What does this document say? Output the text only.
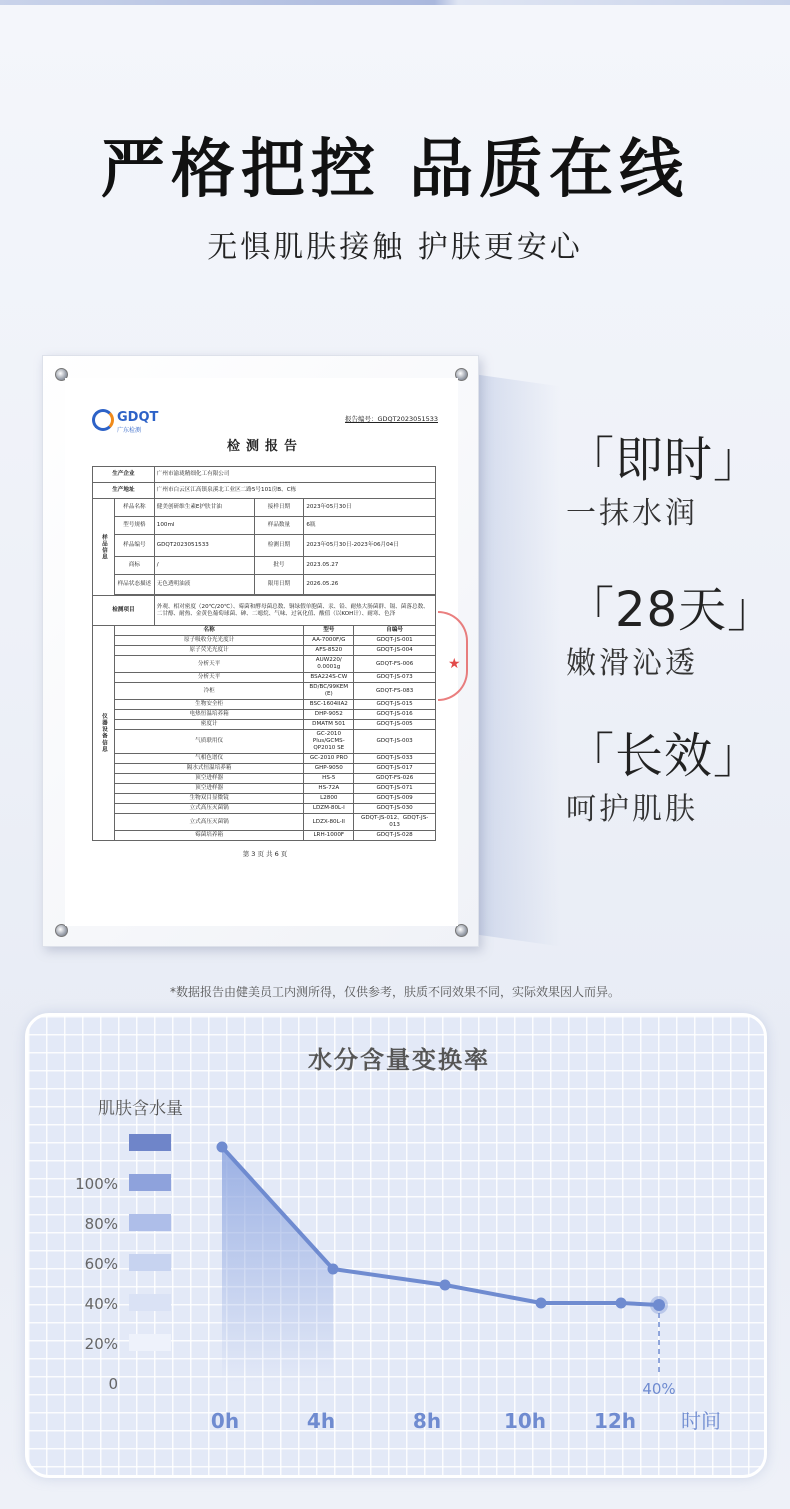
严格把控 品质在线
无惧肌肤接触 护肤更安心
GDQT
广东检测
报告编号：GDQT2023051533
检测报告
生产企业		广州市渝珑精细化工有限公司			
生产地址		广州市白云区江高镇泉溪北工业区二路5号101房B、C栋			
样品信息	样品名称	健美创研维生素E护肤甘油	接样日期	2023年05月30日	
	型号规格	100ml	样品数量	6瓶	
	样品编号	GDQT2023051533	检测日期	2023年05月30日-2023年06月04日	
	商标	/	批号	2023.05.27	
	样品状态描述	无色透明油液	限用日期	2026.05.26	

检测项目		外观、相对密度（20℃/20℃）、霉菌和酵母菌总数、铜绿假单胞菌、汞、铅、耐热大肠菌群、镉、菌落总数、二甘醇、耐热、金黄色葡萄球菌、砷、二噁烷、气味、过氧化值、酸值（以KOH计）、耐寒、色泽			
仪器设备信息	名称			型号	自编号
	原子吸收分光光度计			AA-7000F/G	GDQT-JS-001
	原子荧光光度计			AFS-8520	GDQT-JS-004
	分析天平			AUW220/ 0.0001g	GDQT-FS-006
	分析天平			BSA224S-CW	GDQT-JS-073
	冷柜			BD/BC/99KEM (E)	GDQT-FS-083
	生物安全柜			BSC-1604IIA2	GDQT-JS-015
	电热恒温培养箱			DHP-9052	GDQT-JS-016
	密度计			DMATM 501	GDQT-JS-005
	气质联用仪			GC-2010 Plus/GCMS-QP2010 SE	GDQT-JS-003
	气相色谱仪			GC-2010 PRO	GDQT-JS-033
	隔水式恒温培养箱			GHP-9050	GDQT-JS-017
	顶空进样器			HS-5	GDQT-FS-026
	顶空进样器			HS-72A	GDQT-JS-071
	生物双目显微镜			L2800	GDQT-JS-009
	立式高压灭菌锅			LDZM-80L-I	GDQT-JS-030
	立式高压灭菌锅			LDZX-80L-II	GDQT-JS-012、GDQT-JS-013
	霉菌培养箱			LRH-1000F	GDQT-JS-028
第 3 页 共 6 页
★
「即时」
一抹水润
「28天」
嫩滑沁透
「长效」
呵护肌肤
*数据报告由健美员工内测所得，仅供参考，肤质不同效果不同，实际效果因人而异。
水分含量变换率
肌肤含水量
100%
80%
60%
40%
20%
0	40%
0h	4h	8h	10h 12h 时间
